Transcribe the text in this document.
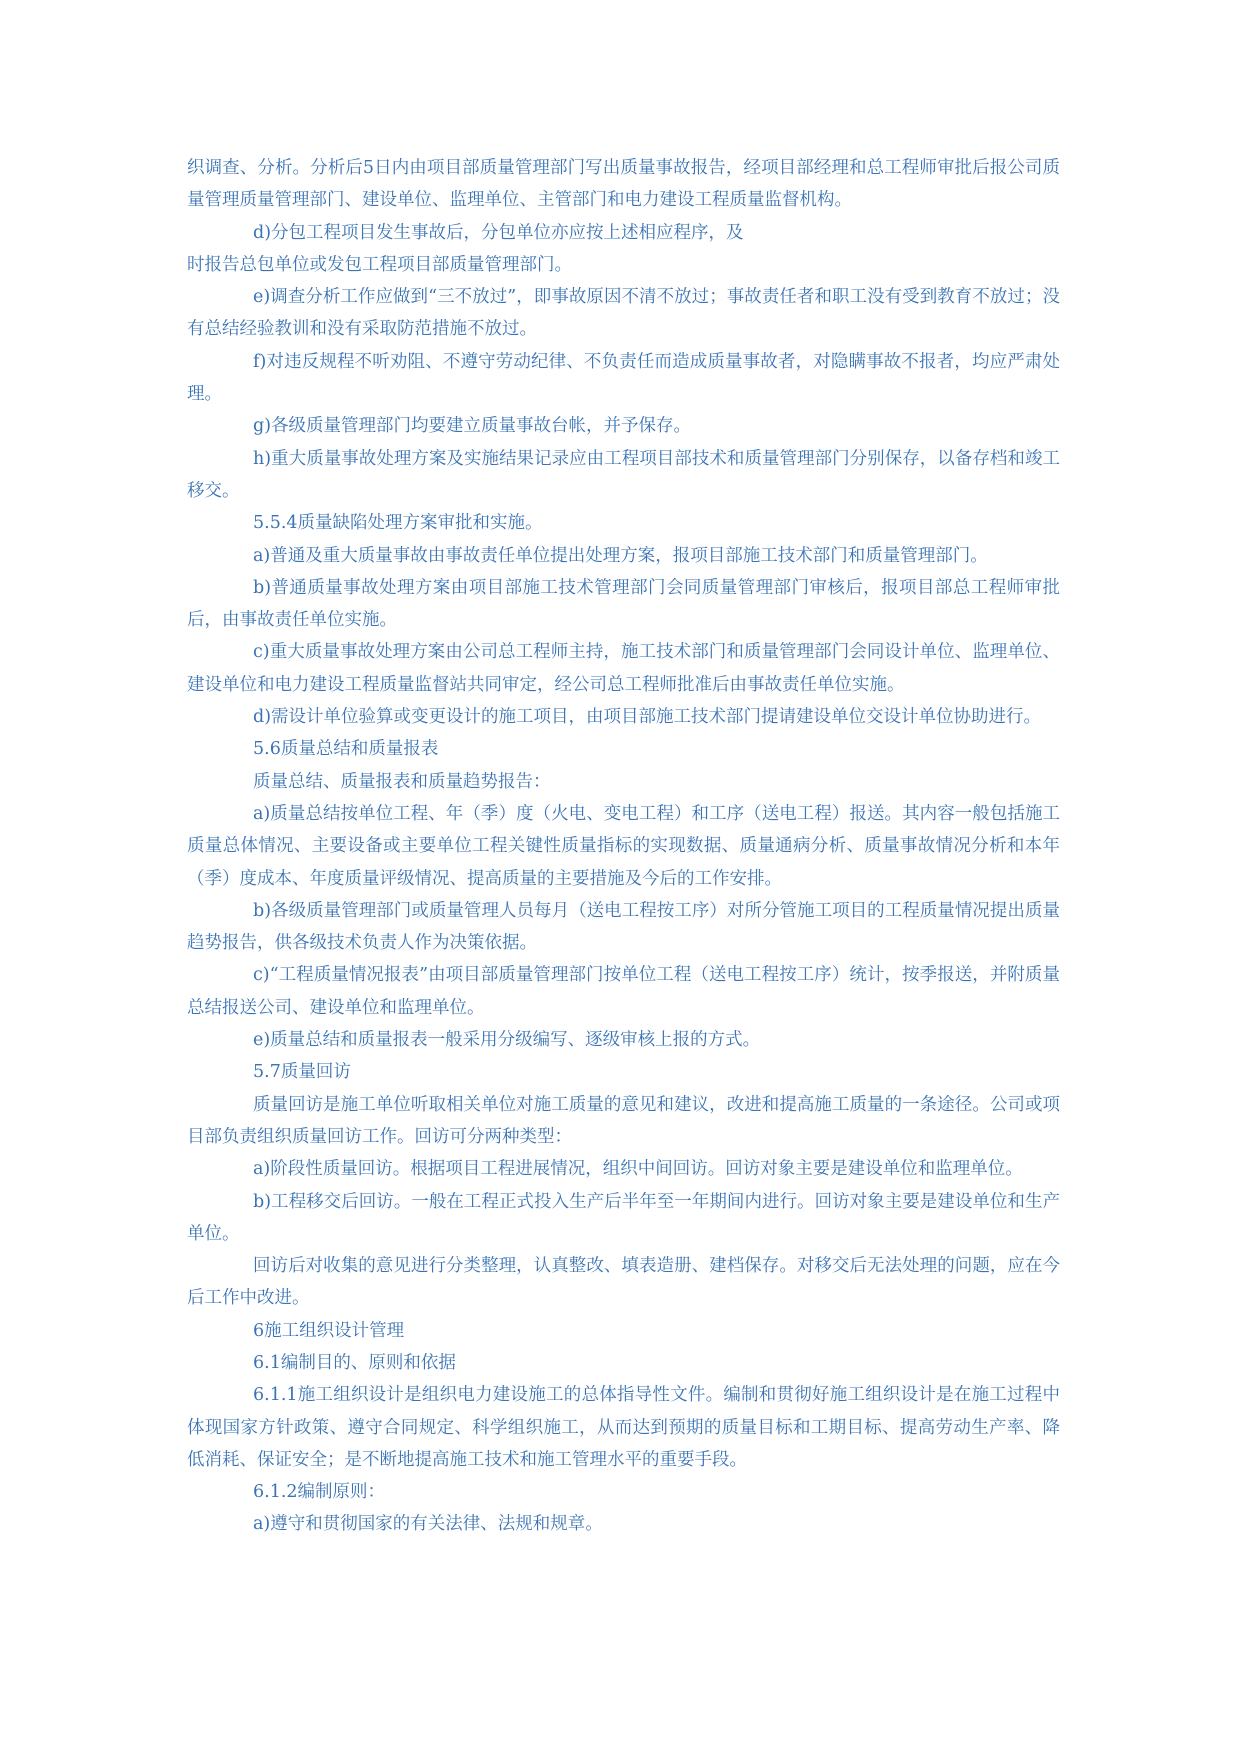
织调查、分析。分析后5日内由项目部质量管理部门写出质量事故报告，经项目部经理和总工程师审批后报公司质量管理质量管理部门、建设单位、监理单位、主管部门和电力建设工程质量监督机构。

d)分包工程项目发生事故后，分包单位亦应按上述相应程序，及

时报告总包单位或发包工程项目部质量管理部门。

e)调查分析工作应做到“三不放过”，即事故原因不清不放过；事故责任者和职工没有受到教育不放过；没有总结经验教训和没有采取防范措施不放过。

f)对违反规程不听劝阻、不遵守劳动纪律、不负责任而造成质量事故者，对隐瞒事故不报者，均应严肃处理。

g)各级质量管理部门均要建立质量事故台帐，并予保存。

h)重大质量事故处理方案及实施结果记录应由工程项目部技术和质量管理部门分别保存，以备存档和竣工移交。

5.5.4质量缺陷处理方案审批和实施。

a)普通及重大质量事故由事故责任单位提出处理方案，报项目部施工技术部门和质量管理部门。

b)普通质量事故处理方案由项目部施工技术管理部门会同质量管理部门审核后，报项目部总工程师审批后，由事故责任单位实施。

c)重大质量事故处理方案由公司总工程师主持，施工技术部门和质量管理部门会同设计单位、监理单位、建设单位和电力建设工程质量监督站共同审定，经公司总工程师批准后由事故责任单位实施。

d)需设计单位验算或变更设计的施工项目，由项目部施工技术部门提请建设单位交设计单位协助进行。

5.6质量总结和质量报表

质量总结、质量报表和质量趋势报告：

a)质量总结按单位工程、年（季）度（火电、变电工程）和工序（送电工程）报送。其内容一般包括施工质量总体情况、主要设备或主要单位工程关键性质量指标的实现数据、质量通病分析、质量事故情况分析和本年（季）度成本、年度质量评级情况、提高质量的主要措施及今后的工作安排。

b)各级质量管理部门或质量管理人员每月（送电工程按工序）对所分管施工项目的工程质量情况提出质量趋势报告，供各级技术负责人作为决策依据。

c)“工程质量情况报表”由项目部质量管理部门按单位工程（送电工程按工序）统计，按季报送，并附质量总结报送公司、建设单位和监理单位。

e)质量总结和质量报表一般采用分级编写、逐级审核上报的方式。

5.7质量回访

质量回访是施工单位听取相关单位对施工质量的意见和建议，改进和提高施工质量的一条途径。公司或项目部负责组织质量回访工作。回访可分两种类型：

a)阶段性质量回访。根据项目工程进展情况，组织中间回访。回访对象主要是建设单位和监理单位。

b)工程移交后回访。一般在工程正式投入生产后半年至一年期间内进行。回访对象主要是建设单位和生产单位。

回访后对收集的意见进行分类整理，认真整改、填表造册、建档保存。对移交后无法处理的问题，应在今后工作中改进。

6施工组织设计管理

6.1编制目的、原则和依据

6.1.1施工组织设计是组织电力建设施工的总体指导性文件。编制和贯彻好施工组织设计是在施工过程中体现国家方针政策、遵守合同规定、科学组织施工，从而达到预期的质量目标和工期目标、提高劳动生产率、降低消耗、保证安全；是不断地提高施工技术和施工管理水平的重要手段。

6.1.2编制原则：

a)遵守和贯彻国家的有关法律、法规和规章。
